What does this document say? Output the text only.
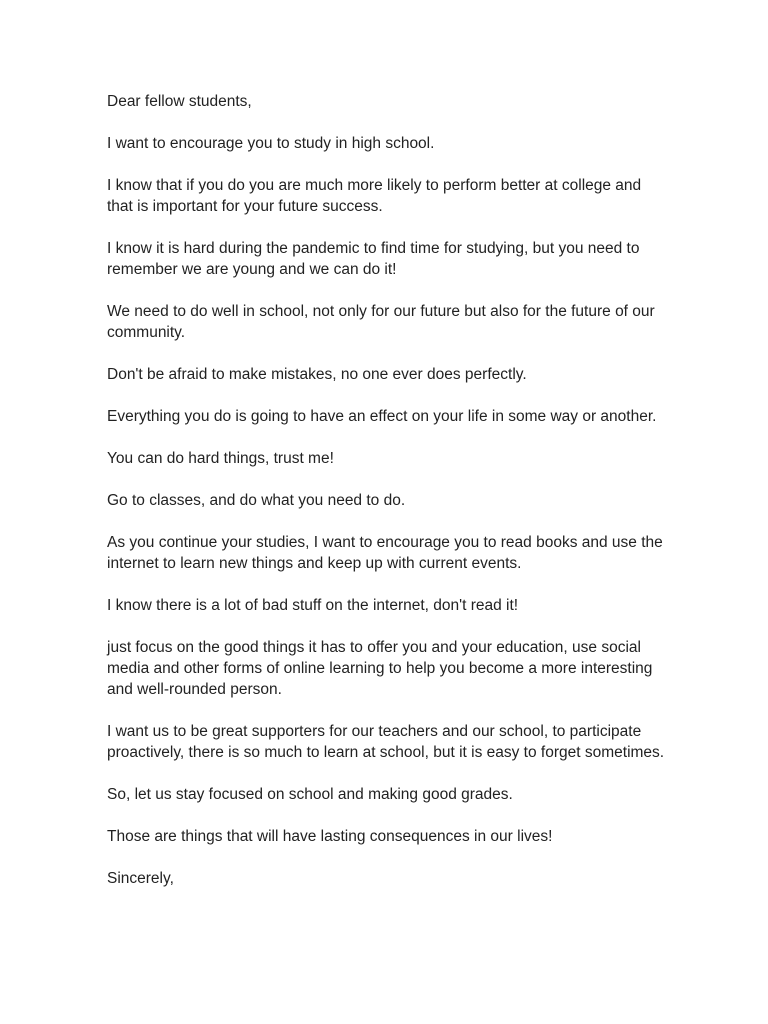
Dear fellow students,

I want to encourage you to study in high school.

I know that if you do you are much more likely to perform better at college and that is important for your future success.

I know it is hard during the pandemic to find time for studying, but you need to remember we are young and we can do it!

We need to do well in school, not only for our future but also for the future of our community.

Don't be afraid to make mistakes, no one ever does perfectly.

Everything you do is going to have an effect on your life in some way or another.

You can do hard things, trust me!

Go to classes, and do what you need to do.

As you continue your studies, I want to encourage you to read books and use the internet to learn new things and keep up with current events.

I know there is a lot of bad stuff on the internet, don't read it!

just focus on the good things it has to offer you and your education, use social media and other forms of online learning to help you become a more interesting and well-rounded person.

I want us to be great supporters for our teachers and our school, to participate proactively, there is so much to learn at school, but it is easy to forget sometimes.

So, let us stay focused on school and making good grades.

Those are things that will have lasting consequences in our lives!

Sincerely,
